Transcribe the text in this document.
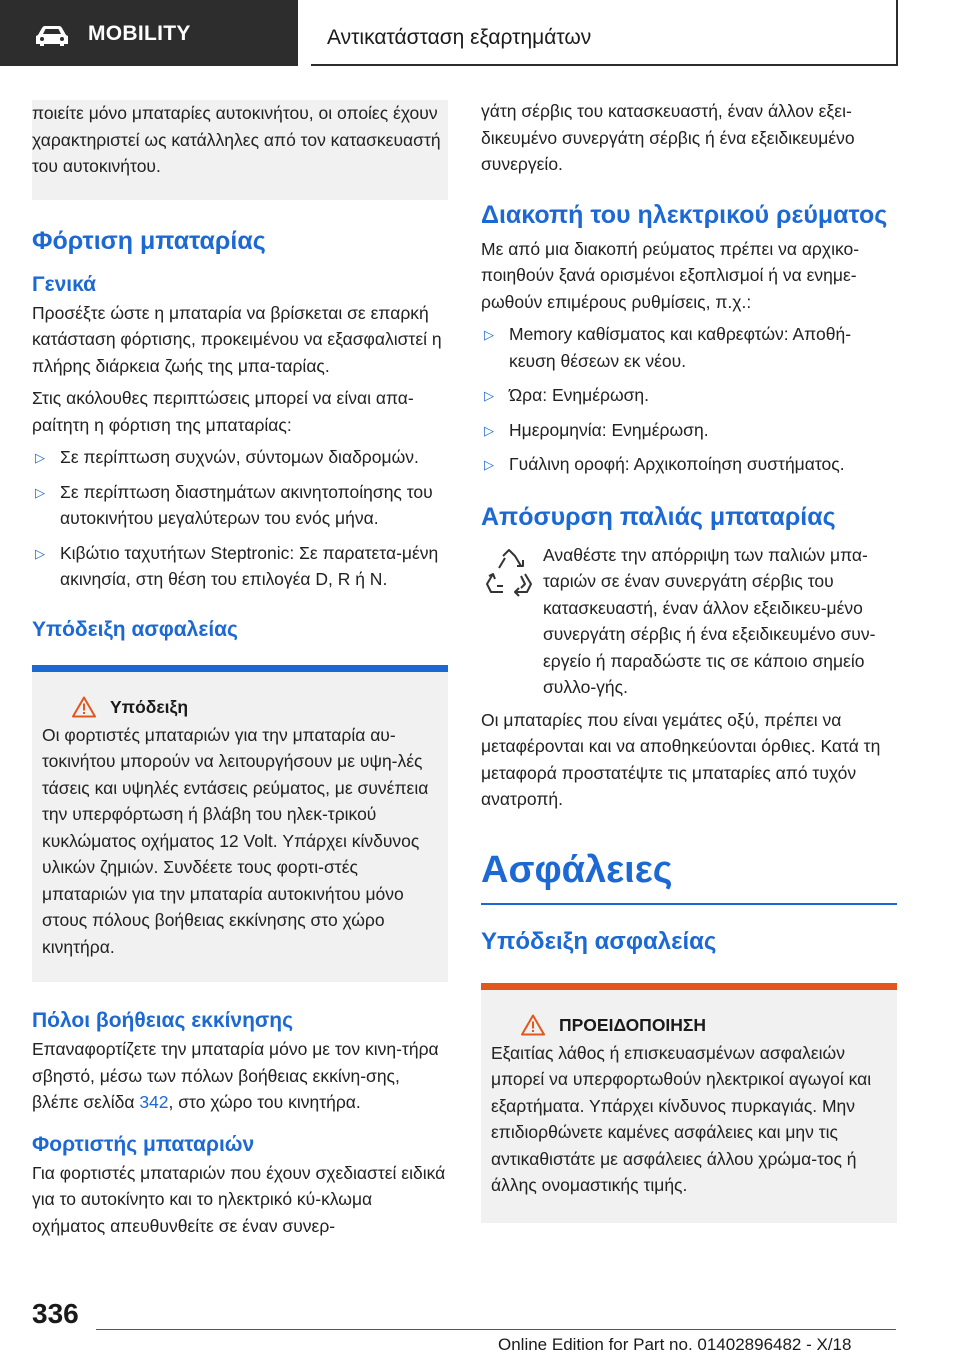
MOBILITY	Αντικατάσταση εξαρτημάτων

ποιείτε μόνο μπαταρίες αυτοκινήτου, οι οποίες έχουν χαρακτηριστεί ως κατάλληλες από τον κατασκευαστή του αυτοκινήτου.

Φόρτιση μπαταρίας
Γενικά

Προσέξτε ώστε η μπαταρία να βρίσκεται σε επαρκή κατάσταση φόρτισης, προκειμένου να εξασφαλιστεί η πλήρης διάρκεια ζωής της μπα-ταρίας.

Στις ακόλουθες περιπτώσεις μπορεί να είναι απα-ραίτητη η φόρτιση της μπαταρίας:

▷ Σε περίπτωση συχνών, σύντομων διαδρομών.
▷ Σε περίπτωση διαστημάτων ακινητοποίησης του αυτοκινήτου μεγαλύτερων του ενός μήνα.
▷ Κιβώτιο ταχυτήτων Steptronic: Σε παρατετα-μένη ακινησία, στη θέση του επιλογέα D, R ή N.
Υπόδειξη ασφαλείας
Υπόδειξη

Οι φορτιστές μπαταριών για την μπαταρία αυ-τοκινήτου μπορούν να λειτουργήσουν με υψη-λές τάσεις και υψηλές εντάσεις ρεύματος, με συνέπεια την υπερφόρτωση ή βλάβη του ηλεκ-τρικού κυκλώματος οχήματος 12 Volt. Υπάρχει κίνδυνος υλικών ζημιών. Συνδέετε τους φορτι-στές μπαταριών για την μπαταρία αυτοκινήτου μόνο στους πόλους βοήθειας εκκίνησης στο χώρο κινητήρα.

Πόλοι βοήθειας εκκίνησης

Επαναφορτίζετε την μπαταρία μόνο με τον κινη-τήρα σβηστό, μέσω των πόλων βοήθειας εκκίνη-σης, βλέπε σελίδα 342, στο χώρο του κινητήρα.

Φορτιστής μπαταριών

Για φορτιστές μπαταριών που έχουν σχεδιαστεί ειδικά για το αυτοκίνητο και το ηλεκτρικό κύ-κλωμα οχήματος απευθυνθείτε σε έναν συνερ-

γάτη σέρβις του κατασκευαστή, έναν άλλον εξει-δικευμένο συνεργάτη σέρβις ή ένα εξειδικευμένο συνεργείο.

Διακοπή του ηλεκτρικού ρεύματος

Με από μια διακοπή ρεύματος πρέπει να αρχικο-ποιηθούν ξανά ορισμένοι εξοπλισμοί ή να ενημε-ρωθούν επιμέρους ρυθμίσεις, π.χ.:

▷ Memory καθίσματος και καθρεφτών: Αποθή-κευση θέσεων εκ νέου.
▷ Ώρα: Ενημέρωση.
▷ Ημερομηνία: Ενημέρωση.
▷ Γυάλινη οροφή: Αρχικοποίηση συστήματος.
Απόσυρση παλιάς μπαταρίας

Αναθέστε την απόρριψη των παλιών μπα-ταριών σε έναν συνεργάτη σέρβις του κατασκευαστή, έναν άλλον εξειδικευ-μένο συνεργάτη σέρβις ή ένα εξειδικευμένο συν-εργείο ή παραδώστε τις σε κάποιο σημείο συλλο-γής.

Οι μπαταρίες που είναι γεμάτες οξύ, πρέπει να μεταφέρονται και να αποθηκεύονται όρθιες. Κατά τη μεταφορά προστατέψτε τις μπαταρίες από τυχόν ανατροπή.

Ασφάλειες
Υπόδειξη ασφαλείας
ΠΡΟΕΙΔΟΠΟΙΗΣΗ

Εξαιτίας λάθος ή επισκευασμένων ασφαλειών μπορεί να υπερφορτωθούν ηλεκτρικοί αγωγοί και εξαρτήματα. Υπάρχει κίνδυνος πυρκαγιάς. Μην επιδιορθώνετε καμένες ασφάλειες και μην τις αντικαθιστάτε με ασφάλειες άλλου χρώμα-τος ή άλλης ονομαστικής τιμής.

336
Online Edition for Part no. 01402896482 - X/18
